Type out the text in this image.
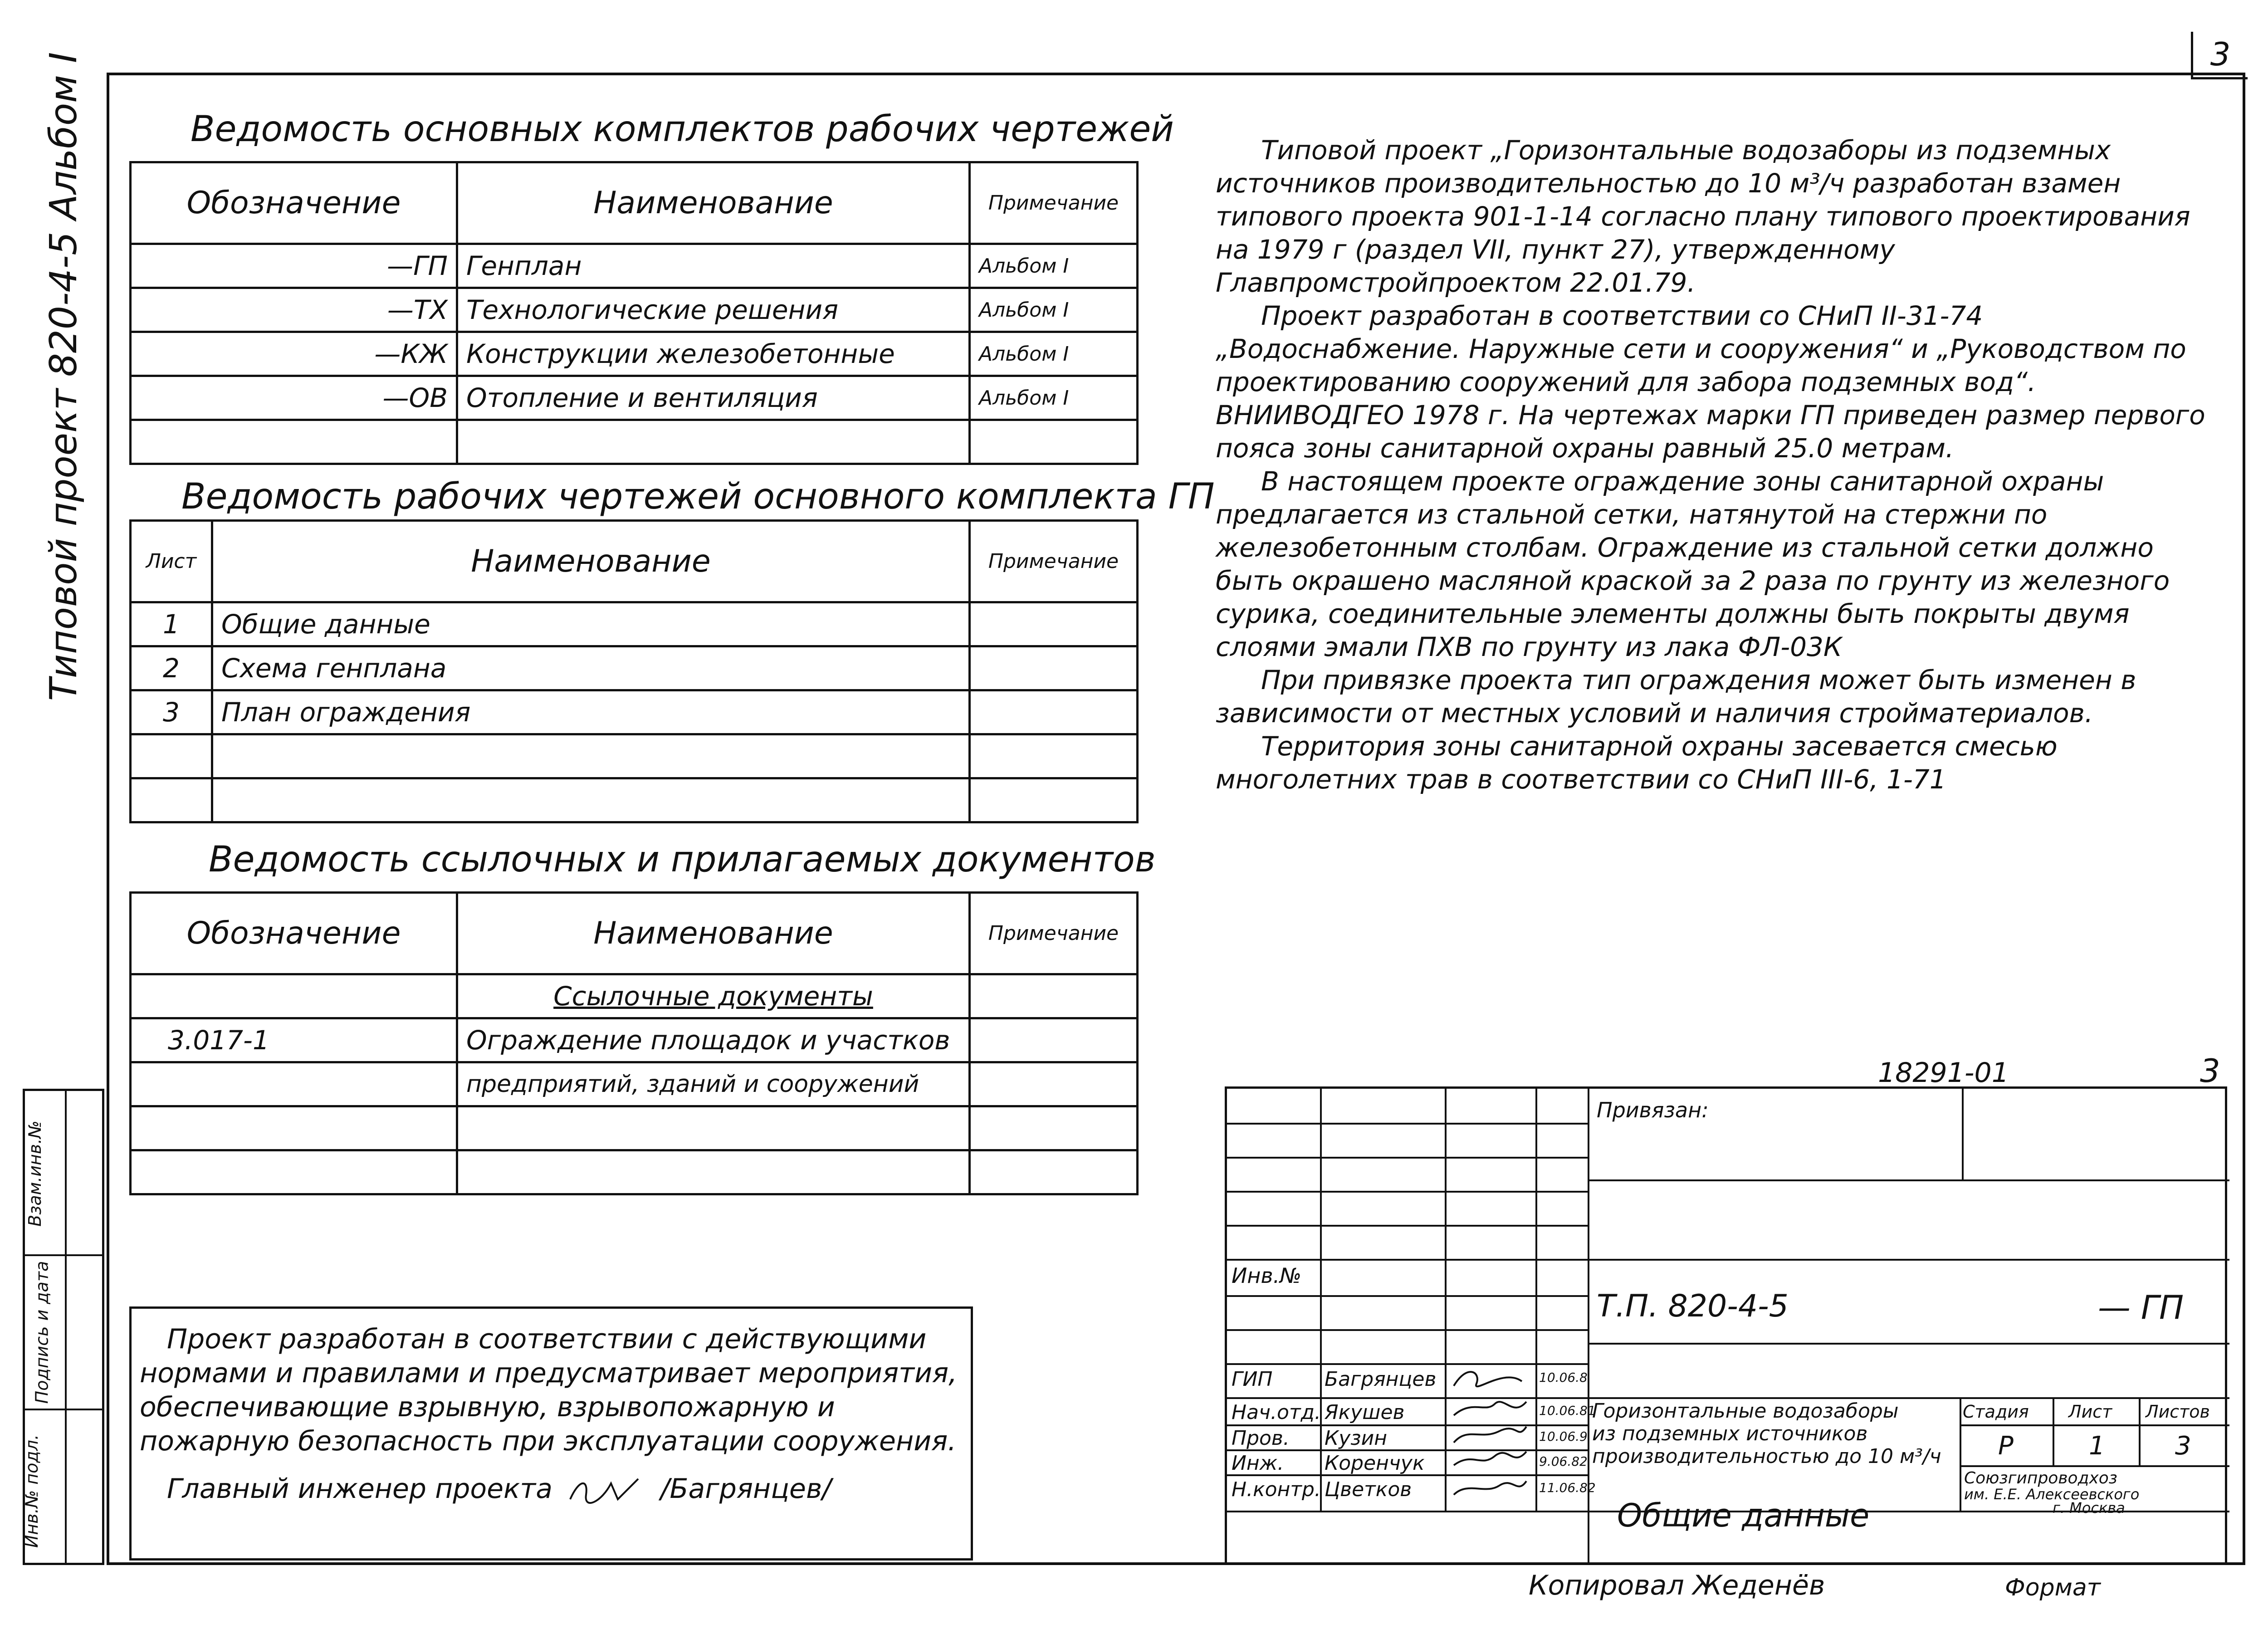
3
Типовой проект 820-4-5 Альбом I
Взам.инв.№
Подпись и дата
Инв.№ подл.
Ведомость основных комплектов рабочих чертежей
Обозначение	Наименование	Примечание
—ГП	Генплан	Альбом I
—ТХ	Технологические решения	Альбом I
—КЖ	Конструкции железобетонные	Альбом I
—ОВ	Отопление и вентиляция	Альбом I

Ведомость рабочих чертежей основного комплекта ГП
Лист	Наименование	Примечание
1	Общие данные	
2	Схема генплана	
3	План ограждения	

Ведомость ссылочных и прилагаемых документов
Обозначение	Наименование	Примечание
	Ссылочные документы	
3.017-1	Ограждение площадок и участков	
	предприятий, зданий и сооружений	

Типовой проект „Горизонтальные водозаборы из подземных источников производительностью до 10 м³/ч разработан взамен типового проекта 901-1-14 согласно плану типового проектирования на 1979 г (раздел VII, пункт 27), утвержденному Главпромстройпроектом 22.01.79.

Проект разработан в соответствии со СНиП II-31-74 „Водоснабжение. Наружные сети и сооружения“ и „Руководством по проектированию сооружений для забора подземных вод“. ВНИИВОДГЕО 1978 г. На чертежах марки ГП приведен размер первого пояса зоны санитарной охраны равный 25.0 метрам.

В настоящем проекте ограждение зоны санитарной охраны предлагается из стальной сетки, натянутой на стержни по железобетонным столбам. Ограждение из стальной сетки должно быть окрашено масляной краской за 2 раза по грунту из железного сурика, соединительные элементы должны быть покрыты двумя слоями эмали ПХВ по грунту из лака ФЛ-03К

При привязке проекта тип ограждения может быть изменен в зависимости от местных условий и наличия стройматериалов.

Территория зоны санитарной охраны засевается смесью многолетних трав в соответствии со СНиП III-6, 1-71

Проект разработан в соответствии с действующими нормами и правилами и предусматривает мероприятия, обеспечивающие взрывную, взрывопожарную и пожарную безопасность при эксплуатации сооружения.
Главный инженер проекта	/Багрянцев/
18291-01	3
Привязан:
Инв.№
Т.П. 820-4-5	— ГП
Горизонтальные водозаборы
из подземных источников
производительностью до 10 м³/ч
Общие данные
Стадия Лист Листов
Р	1	3
Союзгипроводхоз
им. Е.Е. Алексеевского
г. Москва
ГИП	Багрянцев	10.06.8
Нач.отд. Якушев	10.06.81
Пров. Кузин	10.06.9
Инж. Коренчук	9.06.82
Н.контр. Цветков	11.06.82
Копировал Жеденёв	Формат
